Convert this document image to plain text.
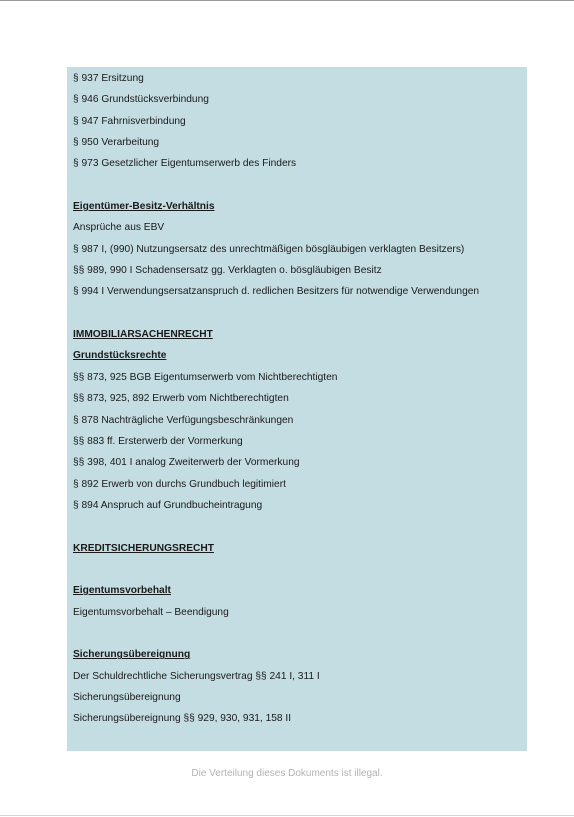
§ 937 Ersitzung
§ 946 Grundstücksverbindung
§ 947 Fahrnisverbindung
§ 950 Verarbeitung
§ 973 Gesetzlicher Eigentumserwerb des Finders
Eigentümer-Besitz-Verhältnis
Ansprüche aus EBV
§ 987 I, (990) Nutzungsersatz des unrechtmäßigen bösgläubigen verklagten Besitzers)
§§ 989, 990 I Schadensersatz gg. Verklagten o. bösgläubigen Besitz
§ 994 I Verwendungsersatzanspruch d. redlichen Besitzers für notwendige Verwendungen
IMMOBILIARSACHENRECHT
Grundstücksrechte
§§ 873, 925 BGB Eigentumserwerb vom Nichtberechtigten
§§ 873, 925, 892 Erwerb vom Nichtberechtigten
§ 878 Nachträgliche Verfügungsbeschränkungen
§§ 883 ff. Ersterwerb der Vormerkung
§§ 398, 401 I analog Zweiterwerb der Vormerkung
§ 892 Erwerb von durchs Grundbuch legitimiert
§ 894 Anspruch auf Grundbucheintragung
KREDITSICHERUNGSRECHT
Eigentumsvorbehalt
Eigentumsvorbehalt – Beendigung
Sicherungsübereignung
Der Schuldrechtliche Sicherungsvertrag §§ 241 I, 311 I
Sicherungsübereignung
Sicherungsübereignung §§ 929, 930, 931, 158 II
Die Verteilung dieses Dokuments ist illegal.
